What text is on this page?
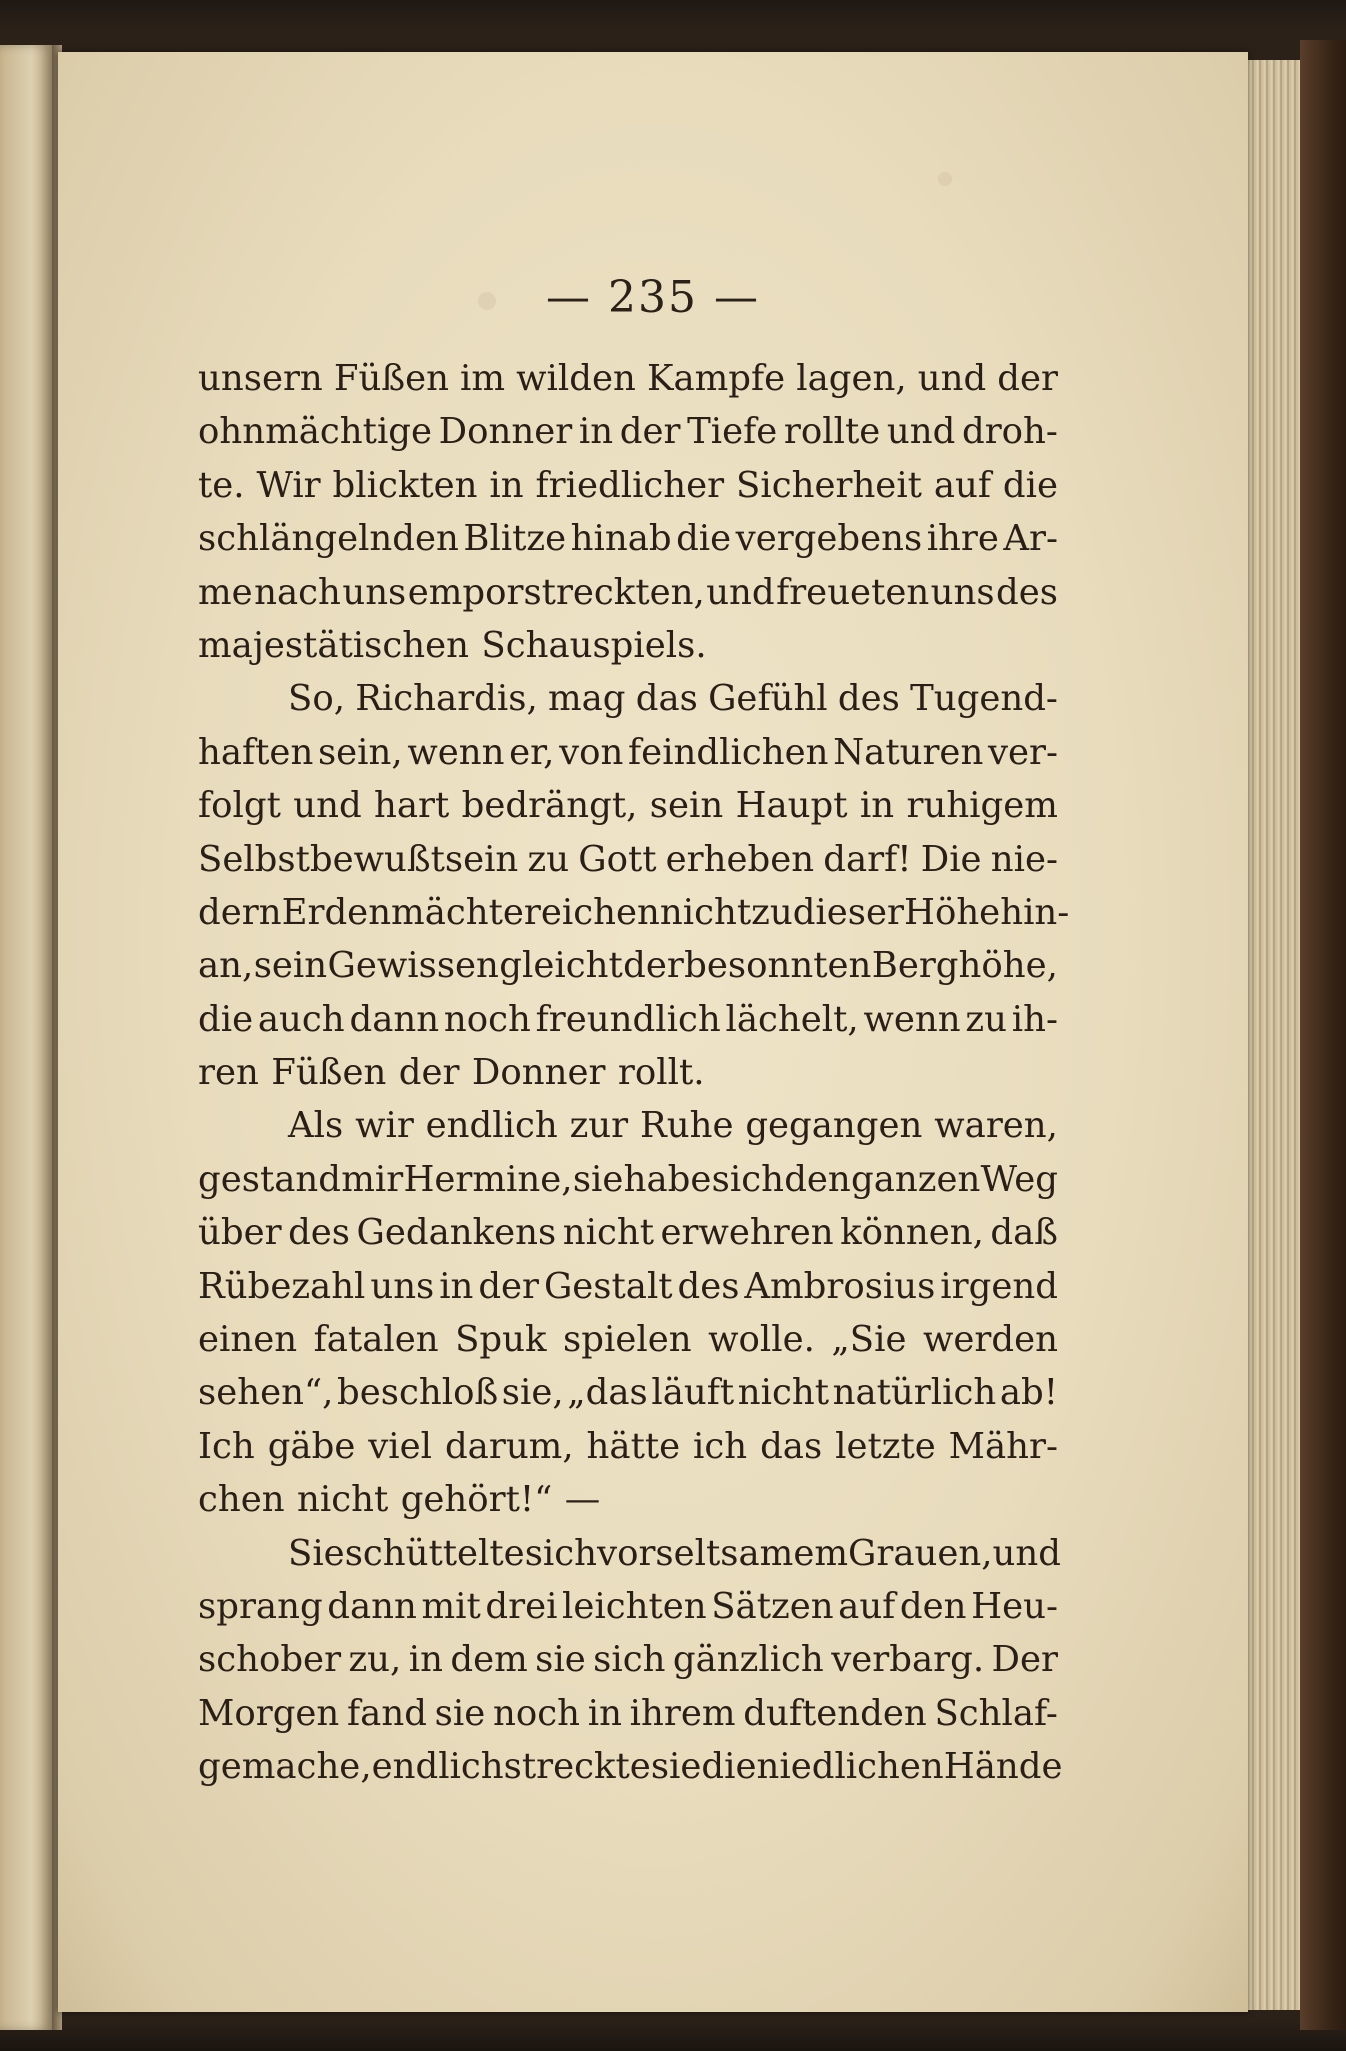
— 235 —
unsern Füßen im wilden Kampfe lagen, und der
ohnmächtige Donner in der Tiefe rollte und droh-
te. Wir blickten in friedlicher Sicherheit auf die
schlängelnden Blitze hinab die vergebens ihre Ar-
me nach uns emporstreckten, und freueten uns des
majestätischen Schauspiels.
So, Richardis, mag das Gefühl des Tugend-
haften sein, wenn er, von feindlichen Naturen ver-
folgt und hart bedrängt, sein Haupt in ruhigem
Selbstbewußtsein zu Gott erheben darf! Die nie-
dern Erdenmächte reichen nicht zu dieser Höhe hin-
an, sein Gewissen gleicht der besonnten Berghöhe,
die auch dann noch freundlich lächelt, wenn zu ih-
ren Füßen der Donner rollt.
Als wir endlich zur Ruhe gegangen waren,
gestand mir Hermine, sie habe sich den ganzen Weg
über des Gedankens nicht erwehren können, daß
Rübezahl uns in der Gestalt des Ambrosius irgend
einen fatalen Spuk spielen wolle. „Sie werden
sehen“, beschloß sie, „das läuft nicht natürlich ab!
Ich gäbe viel darum, hätte ich das letzte Mähr-
chen nicht gehört!“ —
Sie schüttelte sich vor seltsamem Grauen, und
sprang dann mit drei leichten Sätzen auf den Heu-
schober zu, in dem sie sich gänzlich verbarg. Der
Morgen fand sie noch in ihrem duftenden Schlaf-
gemache, endlich streckte sie die niedlichen Hände
